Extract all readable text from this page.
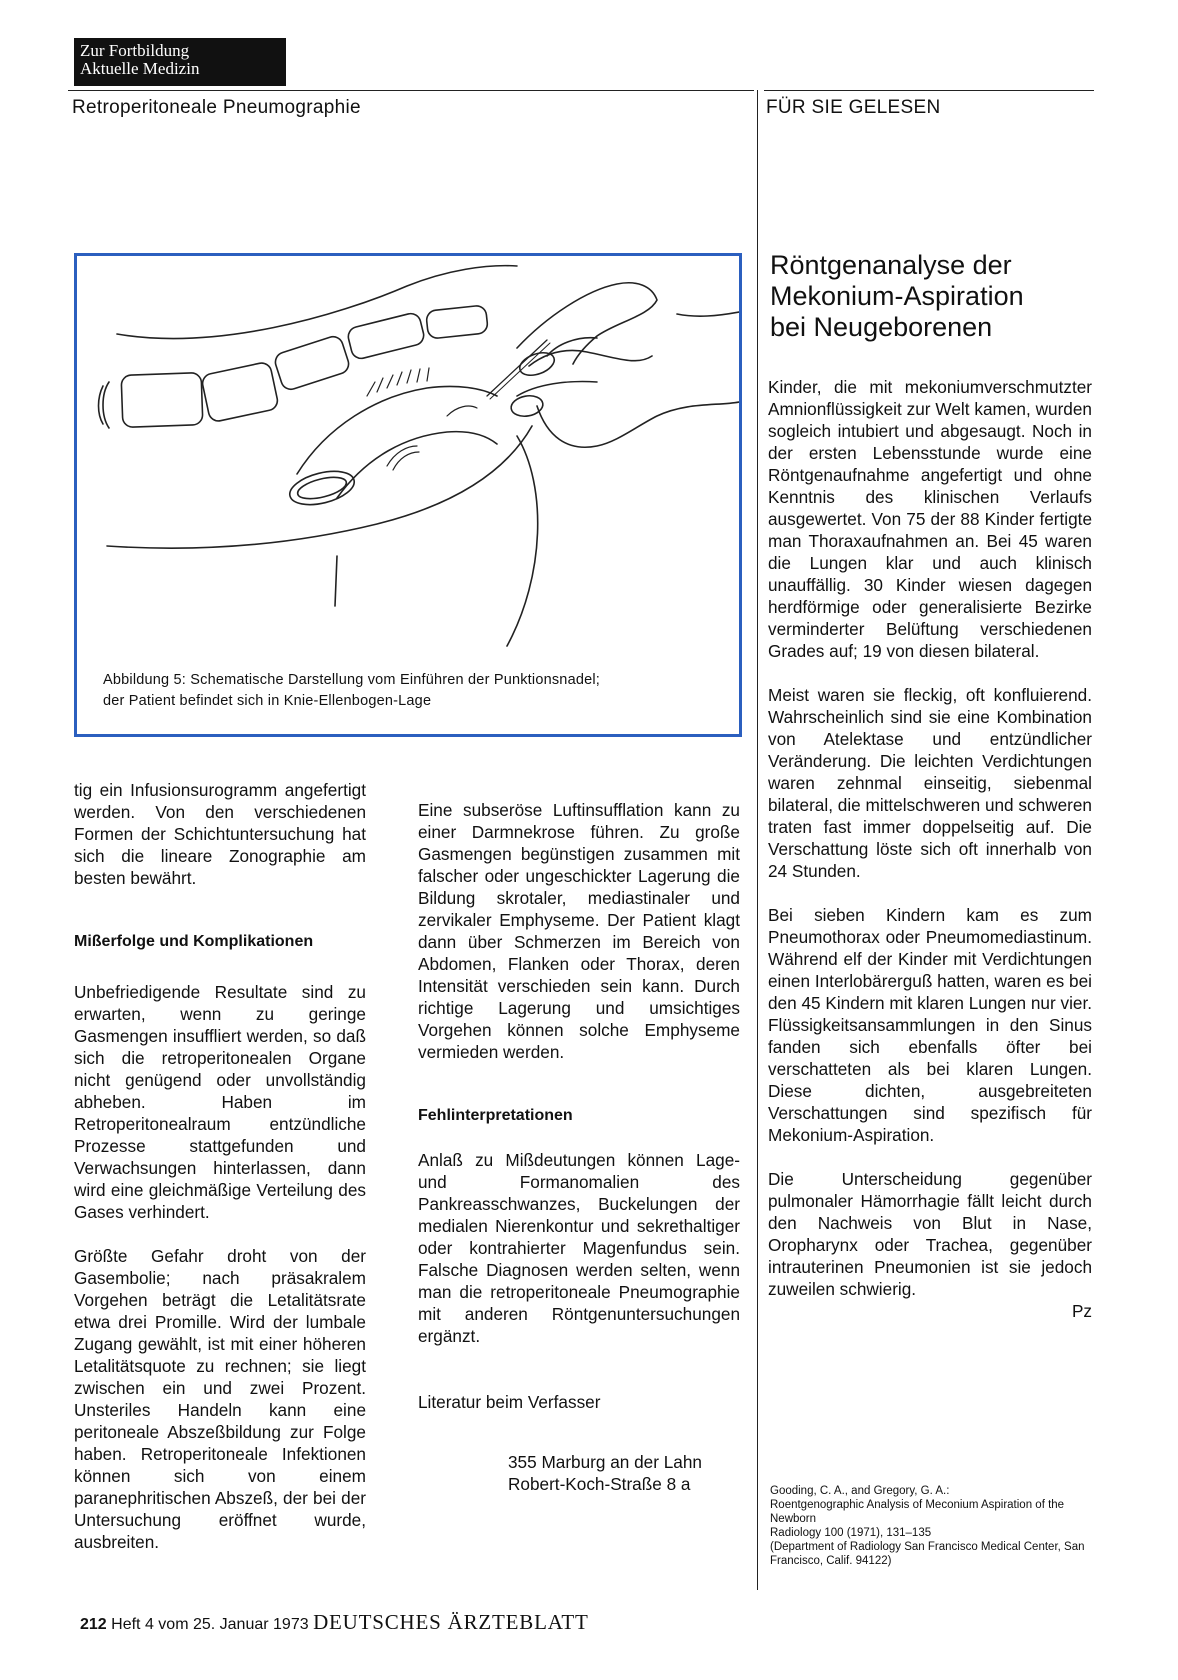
Zur Fortbildung
Aktuelle Medizin
Retroperitoneale Pneumographie	FÜR SIE GELESEN
Abbildung 5: Schematische Darstellung vom Einführen der Punktionsnadel;
der Patient befindet sich in Knie-Ellenbogen-Lage

tig ein Infusionsurogramm angefertigt werden. Von den verschiedenen Formen der Schichtuntersuchung hat sich die lineare Zonographie am besten bewährt.

Mißerfolge und Komplikationen

Unbefriedigende Resultate sind zu erwarten, wenn zu geringe Gasmengen insuffliert werden, so daß sich die retroperitonealen Organe nicht genügend oder unvollständig abheben. Haben im Retroperitonealraum entzündliche Prozesse stattgefunden und Verwachsungen hinterlassen, dann wird eine gleichmäßige Verteilung des Gases verhindert.

Größte Gefahr droht von der Gasembolie; nach präsakralem Vorgehen beträgt die Letalitätsrate etwa drei Promille. Wird der lumbale Zugang gewählt, ist mit einer höheren Letalitätsquote zu rechnen; sie liegt zwischen ein und zwei Prozent. Unsteriles Handeln kann eine peritoneale Abszeßbildung zur Folge haben. Retroperitoneale Infektionen können sich von einem paranephritischen Abszeß, der bei der Untersuchung eröffnet wurde, ausbreiten.

Eine subseröse Luftinsufflation kann zu einer Darmnekrose führen. Zu große Gasmengen begünstigen zusammen mit falscher oder ungeschickter Lagerung die Bildung skrotaler, mediastinaler und zervikaler Emphyseme. Der Patient klagt dann über Schmerzen im Bereich von Abdomen, Flanken oder Thorax, deren Intensität verschieden sein kann. Durch richtige Lagerung und umsichtiges Vorgehen können solche Emphyseme vermieden werden.

Fehlinterpretationen

Anlaß zu Mißdeutungen können Lage- und Formanomalien des Pankreasschwanzes, Buckelungen der medialen Nierenkontur und sekrethaltiger oder kontrahierter Magenfundus sein. Falsche Diagnosen werden selten, wenn man die retroperitoneale Pneumographie mit anderen Röntgenuntersuchungen ergänzt.

Literatur beim Verfasser

355 Marburg an der Lahn
Robert-Koch-Straße 8 a
Röntgenanalyse der
Mekonium-Aspiration
bei Neugeborenen

Kinder, die mit mekoniumverschmutzter Amnionflüssigkeit zur Welt kamen, wurden sogleich intubiert und abgesaugt. Noch in der ersten Lebensstunde wurde eine Röntgenaufnahme angefertigt und ohne Kenntnis des klinischen Verlaufs ausgewertet. Von 75 der 88 Kinder fertigte man Thoraxaufnahmen an. Bei 45 waren die Lungen klar und auch klinisch unauffällig. 30 Kinder wiesen dagegen herdförmige oder generalisierte Bezirke verminderter Belüftung verschiedenen Grades auf; 19 von diesen bilateral.

Meist waren sie fleckig, oft konfluierend. Wahrscheinlich sind sie eine Kombination von Atelektase und entzündlicher Veränderung. Die leichten Verdichtungen waren zehnmal einseitig, siebenmal bilateral, die mittelschweren und schweren traten fast immer doppelseitig auf. Die Verschattung löste sich oft innerhalb von 24 Stunden.

Bei sieben Kindern kam es zum Pneumothorax oder Pneumomediastinum. Während elf der Kinder mit Verdichtungen einen Interlobärerguß hatten, waren es bei den 45 Kindern mit klaren Lungen nur vier. Flüssigkeitsansammlungen in den Sinus fanden sich ebenfalls öfter bei verschatteten als bei klaren Lungen. Diese dichten, ausgebreiteten Verschattungen sind spezifisch für Mekonium-Aspiration.

Die Unterscheidung gegenüber pulmonaler Hämorrhagie fällt leicht durch den Nachweis von Blut in Nase, Oropharynx oder Trachea, gegenüber intrauterinen Pneumonien ist sie jedoch zuweilen schwierig.

Pz
Gooding, C. A., and Gregory, G. A.:
Roentgenographic Analysis of Meconium Aspiration of the Newborn
Radiology 100 (1971), 131–135
(Department of Radiology San Francisco Medical Center, San Francisco, Calif. 94122)
212 Heft 4 vom 25. Januar 1973 DEUTSCHES ÄRZTEBLATT
